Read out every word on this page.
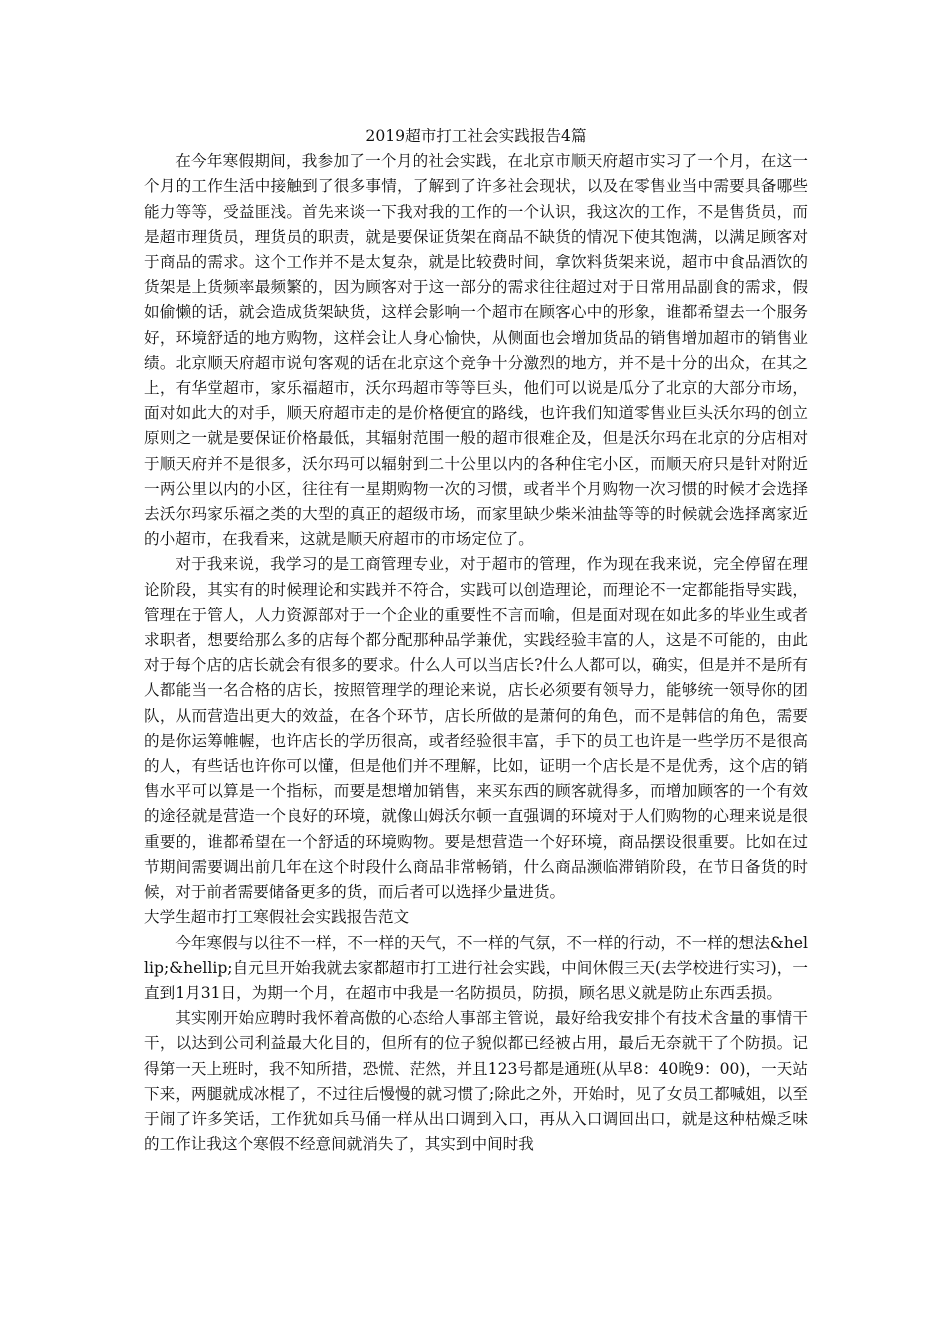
2019超市打工社会实践报告4篇

在今年寒假期间，我参加了一个月的社会实践，在北京市顺天府超市实习了一个月，在这一个月的工作生活中接触到了很多事情，了解到了许多社会现状，以及在零售业当中需要具备哪些能力等等，受益匪浅。首先来谈一下我对我的工作的一个认识，我这次的工作，不是售货员，而是超市理货员，理货员的职责，就是要保证货架在商品不缺货的情况下使其饱满，以满足顾客对于商品的需求。这个工作并不是太复杂，就是比较费时间，拿饮料货架来说，超市中食品酒饮的货架是上货频率最频繁的，因为顾客对于这一部分的需求往往超过对于日常用品副食的需求，假如偷懒的话，就会造成货架缺货，这样会影响一个超市在顾客心中的形象，谁都希望去一个服务好，环境舒适的地方购物，这样会让人身心愉快，从侧面也会增加货品的销售增加超市的销售业绩。北京顺天府超市说句客观的话在北京这个竞争十分激烈的地方，并不是十分的出众，在其之上，有华堂超市，家乐福超市，沃尔玛超市等等巨头，他们可以说是瓜分了北京的大部分市场，面对如此大的对手，顺天府超市走的是价格便宜的路线，也许我们知道零售业巨头沃尔玛的创立原则之一就是要保证价格最低，其辐射范围一般的超市很难企及，但是沃尔玛在北京的分店相对于顺天府并不是很多，沃尔玛可以辐射到二十公里以内的各种住宅小区，而顺天府只是针对附近一两公里以内的小区，往往有一星期购物一次的习惯，或者半个月购物一次习惯的时候才会选择去沃尔玛家乐福之类的大型的真正的超级市场，而家里缺少柴米油盐等等的时候就会选择离家近的小超市，在我看来，这就是顺天府超市的市场定位了。

对于我来说，我学习的是工商管理专业，对于超市的管理，作为现在我来说，完全停留在理论阶段，其实有的时候理论和实践并不符合，实践可以创造理论，而理论不一定都能指导实践，管理在于管人，人力资源部对于一个企业的重要性不言而喻，但是面对现在如此多的毕业生或者求职者，想要给那么多的店每个都分配那种品学兼优，实践经验丰富的人，这是不可能的，由此对于每个店的店长就会有很多的要求。什么人可以当店长?什么人都可以，确实，但是并不是所有人都能当一名合格的店长，按照管理学的理论来说，店长必须要有领导力，能够统一领导你的团队，从而营造出更大的效益，在各个环节，店长所做的是萧何的角色，而不是韩信的角色，需要的是你运筹帷幄，也许店长的学历很高，或者经验很丰富，手下的员工也许是一些学历不是很高的人，有些话也许你可以懂，但是他们并不理解，比如，证明一个店长是不是优秀，这个店的销售水平可以算是一个指标，而要是想增加销售，来买东西的顾客就得多，而增加顾客的一个有效的途径就是营造一个良好的环境，就像山姆沃尔顿一直强调的环境对于人们购物的心理来说是很重要的，谁都希望在一个舒适的环境购物。要是想营造一个好环境，商品摆设很重要。比如在过节期间需要调出前几年在这个时段什么商品非常畅销，什么商品濒临滞销阶段，在节日备货的时候，对于前者需要储备更多的货，而后者可以选择少量进货。

大学生超市打工寒假社会实践报告范文

今年寒假与以往不一样，不一样的天气，不一样的气氛，不一样的行动，不一样的想法&hellip;&hellip;自元旦开始我就去家都超市打工进行社会实践，中间休假三天(去学校进行实习)，一直到1月31日，为期一个月，在超市中我是一名防损员，防损，顾名思义就是防止东西丢损。

其实刚开始应聘时我怀着高傲的心态给人事部主管说，最好给我安排个有技术含量的事情干干，以达到公司利益最大化目的，但所有的位子貌似都已经被占用，最后无奈就干了个防损。记得第一天上班时，我不知所措，恐慌、茫然，并且123号都是通班(从早8：40晚9：00)，一天站下来，两腿就成冰棍了，不过往后慢慢的就习惯了;除此之外，开始时，见了女员工都喊姐，以至于闹了许多笑话，工作犹如兵马俑一样从出口调到入口，再从入口调回出口，就是这种枯燥乏味的工作让我这个寒假不经意间就消失了，其实到中间时我
